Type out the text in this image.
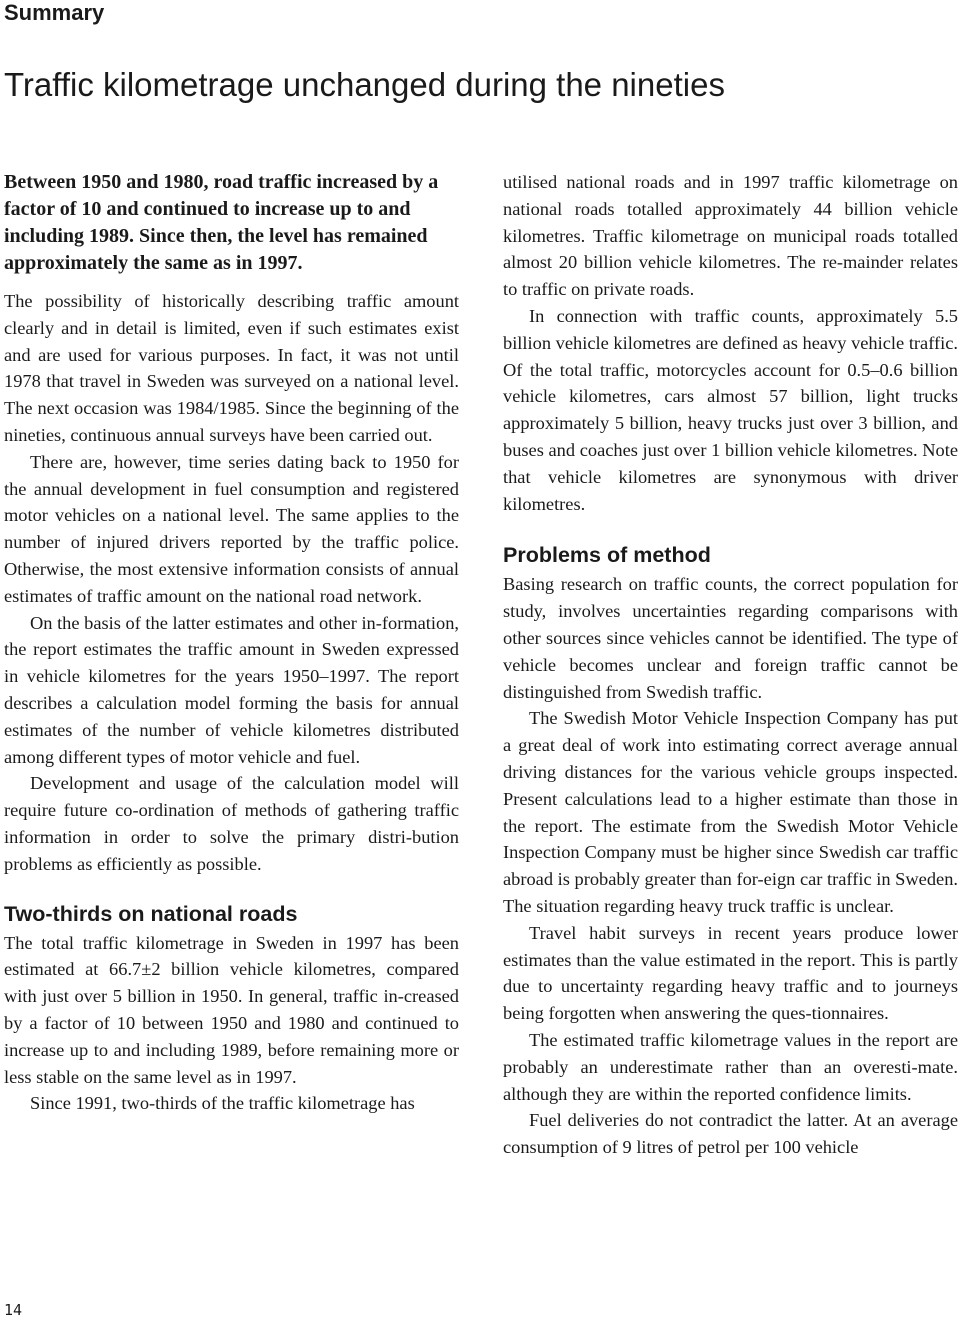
Summary
Traffic kilometrage unchanged during the nineties

Between 1950 and 1980, road traffic increased by a factor of 10 and continued to increase up to and including 1989. Since then, the level has remained approximately the same as in 1997.

The possibility of historically describing traffic amount clearly and in detail is limited, even if such estimates exist and are used for various purposes. In fact, it was not until 1978 that travel in Sweden was surveyed on a national level. The next occasion was 1984/1985. Since the beginning of the nineties, continuous annual surveys have been carried out.

There are, however, time series dating back to 1950 for the annual development in fuel consumption and registered motor vehicles on a national level. The same applies to the number of injured drivers reported by the traffic police. Otherwise, the most extensive information consists of annual estimates of traffic amount on the national road network.

On the basis of the latter estimates and other in-formation, the report estimates the traffic amount in Sweden expressed in vehicle kilometres for the years 1950–1997. The report describes a calculation model forming the basis for annual estimates of the number of vehicle kilometres distributed among different types of motor vehicle and fuel.

Development and usage of the calculation model will require future co-ordination of methods of gathering traffic information in order to solve the primary distri-bution problems as efficiently as possible.

Two-thirds on national roads

The total traffic kilometrage in Sweden in 1997 has been estimated at 66.7±2 billion vehicle kilometres, compared with just over 5 billion in 1950. In general, traffic in-creased by a factor of 10 between 1950 and 1980 and continued to increase up to and including 1989, before remaining more or less stable on the same level as in 1997.

Since 1991, two-thirds of the traffic kilometrage has

utilised national roads and in 1997 traffic kilometrage on national roads totalled approximately 44 billion vehicle kilometres. Traffic kilometrage on municipal roads totalled almost 20 billion vehicle kilometres. The re-mainder relates to traffic on private roads.

In connection with traffic counts, approximately 5.5 billion vehicle kilometres are defined as heavy vehicle traffic. Of the total traffic, motorcycles account for 0.5–0.6 billion vehicle kilometres, cars almost 57 billion, light trucks approximately 5 billion, heavy trucks just over 3 billion, and buses and coaches just over 1 billion vehicle kilometres. Note that vehicle kilometres are synonymous with driver kilometres.

Problems of method

Basing research on traffic counts, the correct population for study, involves uncertainties regarding comparisons with other sources since vehicles cannot be identified. The type of vehicle becomes unclear and foreign traffic cannot be distinguished from Swedish traffic.

The Swedish Motor Vehicle Inspection Company has put a great deal of work into estimating correct average annual driving distances for the various vehicle groups inspected. Present calculations lead to a higher estimate than those in the report. The estimate from the Swedish Motor Vehicle Inspection Company must be higher since Swedish car traffic abroad is probably greater than for-eign car traffic in Sweden. The situation regarding heavy truck traffic is unclear.

Travel habit surveys in recent years produce lower estimates than the value estimated in the report. This is partly due to uncertainty regarding heavy traffic and to journeys being forgotten when answering the ques-tionnaires.

The estimated traffic kilometrage values in the report are probably an underestimate rather than an overesti-mate. although they are within the reported confidence limits.

Fuel deliveries do not contradict the latter. At an average consumption of 9 litres of petrol per 100 vehicle

14
